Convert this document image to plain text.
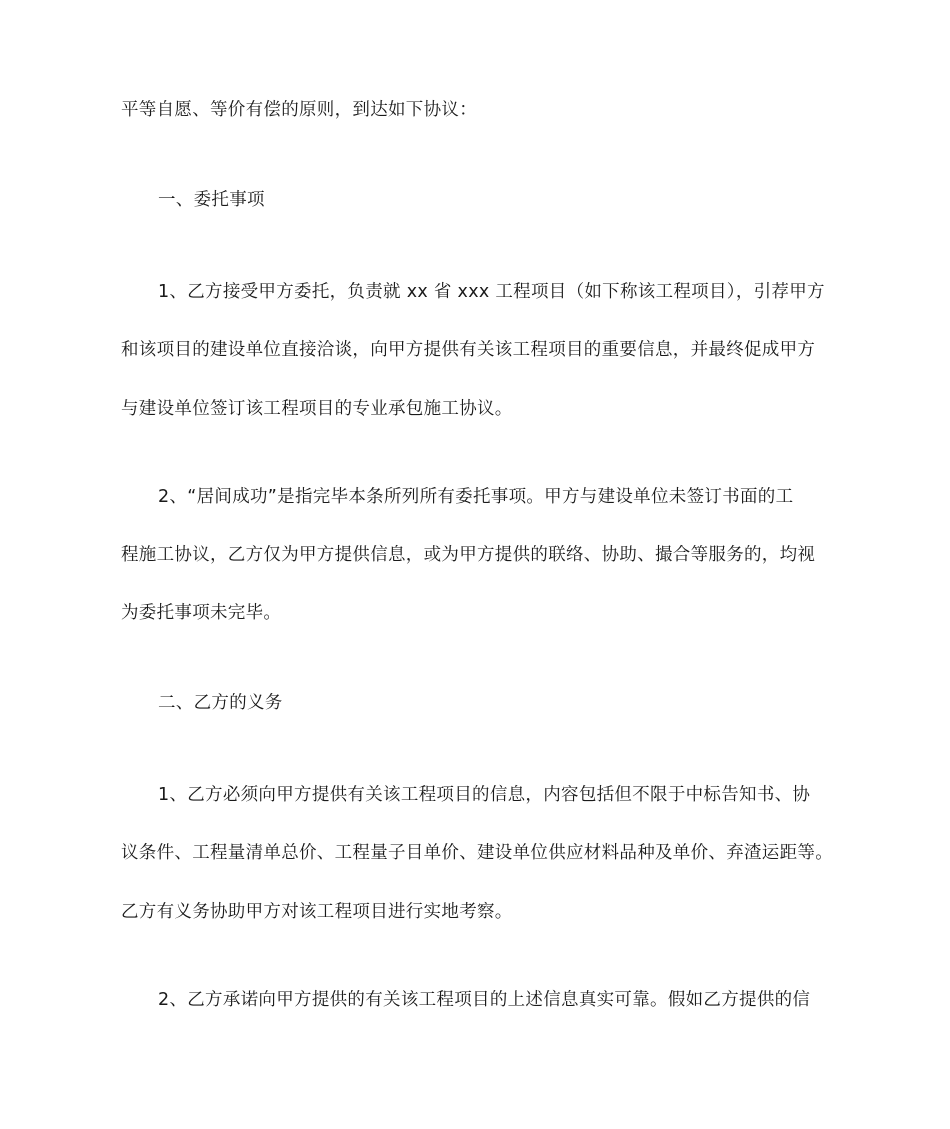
平等自愿、等价有偿的原则，到达如下协议：
一、委托事项
1、乙方接受甲方委托，负责就 xx 省 xxx 工程项目（如下称该工程项目），引荐甲方
和该项目的建设单位直接洽谈，向甲方提供有关该工程项目的重要信息，并最终促成甲方
与建设单位签订该工程项目的专业承包施工协议。
2、“居间成功”是指完毕本条所列所有委托事项。甲方与建设单位未签订书面的工
程施工协议，乙方仅为甲方提供信息，或为甲方提供的联络、协助、撮合等服务的，均视
为委托事项未完毕。
二、乙方的义务
1、乙方必须向甲方提供有关该工程项目的信息，内容包括但不限于中标告知书、协
议条件、工程量清单总价、工程量子目单价、建设单位供应材料品种及单价、弃渣运距等。
乙方有义务协助甲方对该工程项目进行实地考察。
2、乙方承诺向甲方提供的有关该工程项目的上述信息真实可靠。假如乙方提供的信
